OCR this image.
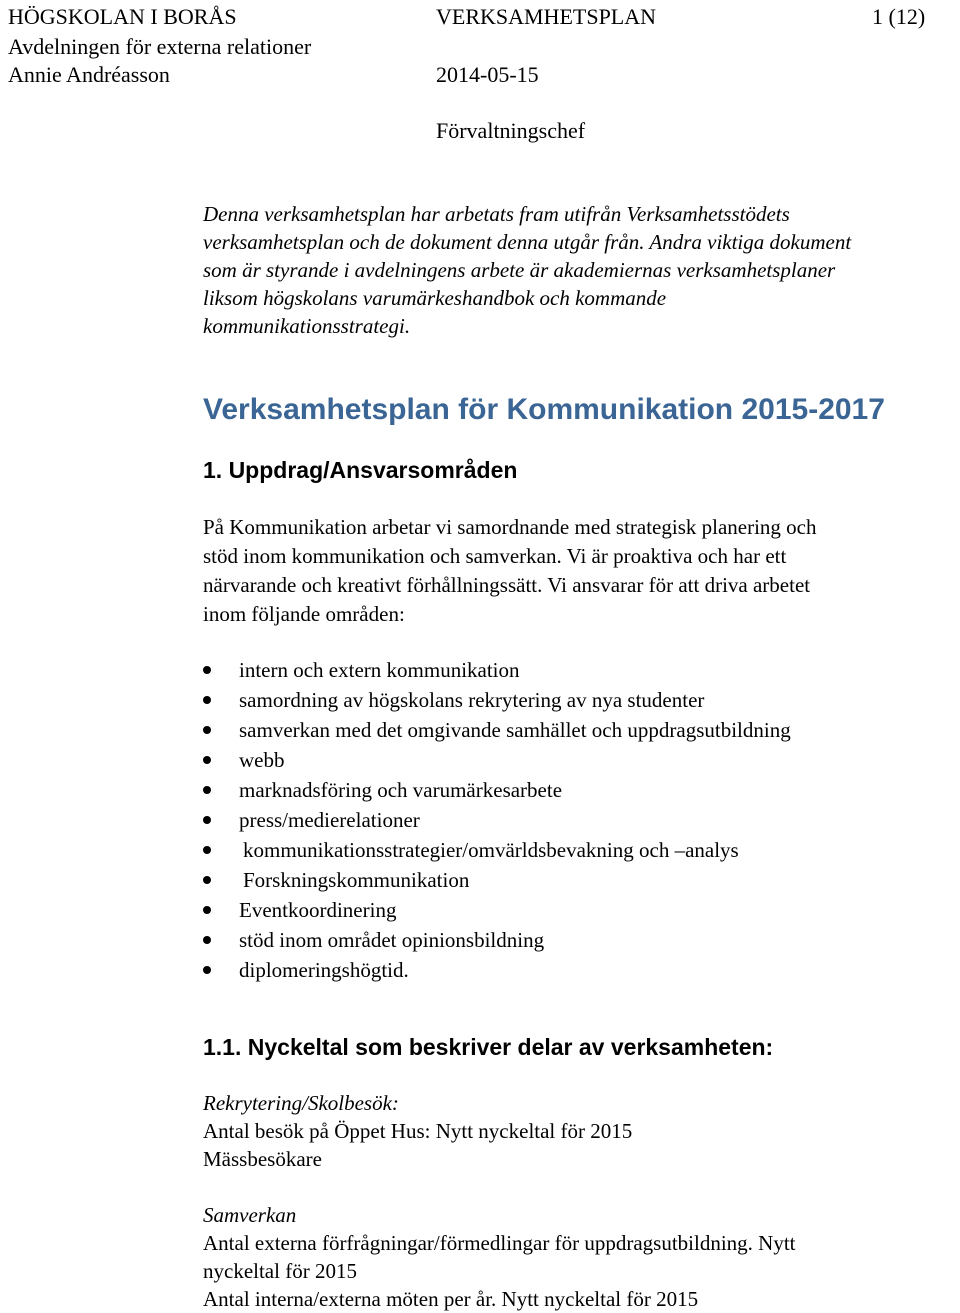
HÖGSKOLAN I BORÅS	VERKSAMHETSPLAN	1 (12)
Avdelningen för externa relationer
Annie Andréasson	2014-05-15
Förvaltningschef

Denna verksamhetsplan har arbetats fram utifrån Verksamhetsstödets
verksamhetsplan och de dokument denna utgår från. Andra viktiga dokument
som är styrande i avdelningens arbete är akademiernas verksamhetsplaner
liksom högskolans varumärkeshandbok och kommande
kommunikationsstrategi.

Verksamhetsplan för Kommunikation 2015-2017
1. Uppdrag/Ansvarsområden

På Kommunikation arbetar vi samordnande med strategisk planering och
stöd inom kommunikation och samverkan. Vi är proaktiva och har ett
närvarande och kreativt förhållningssätt. Vi ansvarar för att driva arbetet
inom följande områden:

intern och extern kommunikation
samordning av högskolans rekrytering av nya studenter
samverkan med det omgivande samhället och uppdragsutbildning
webb
marknadsföring och varumärkesarbete
press/medierelationer
kommunikationsstrategier/omvärldsbevakning och –analys
Forskningskommunikation
Eventkoordinering
stöd inom området opinionsbildning
diplomeringshögtid.
1.1. Nyckeltal som beskriver delar av verksamheten:
Rekrytering/Skolbesök:
Antal besök på Öppet Hus: Nytt nyckeltal för 2015
Mässbesökare
Samverkan
Antal externa förfrågningar/förmedlingar för uppdragsutbildning. Nytt
nyckeltal för 2015
Antal interna/externa möten per år. Nytt nyckeltal för 2015
